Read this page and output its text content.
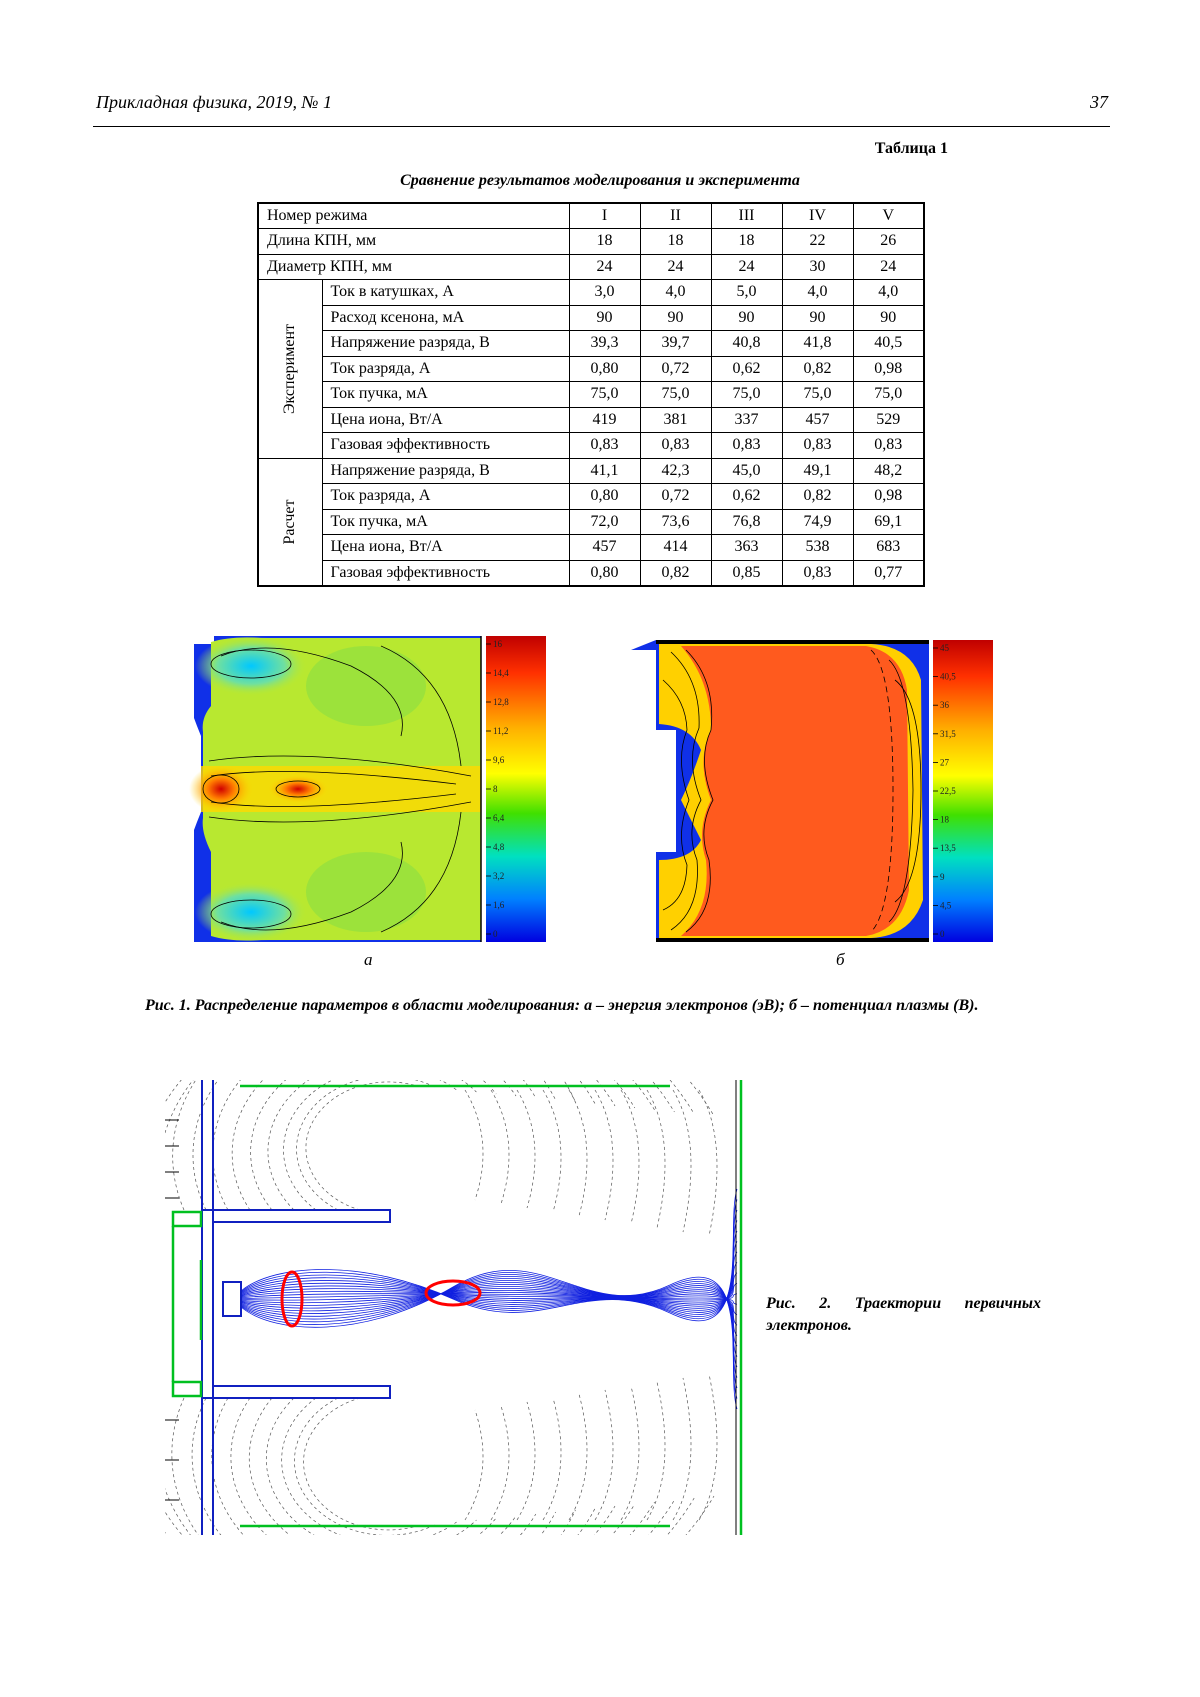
Прикладная физика, 2019, № 1	37
Таблица 1
Сравнение результатов моделирования и эксперимента
Номер режима		I	II	III	IV	V
Длина КПН, мм		18	18	18	22	26
Диаметр КПН, мм		24	24	24	30	24

Эксперимент	Ток в катушках, А	3,0	4,0	5,0	4,0	4,0
	Расход ксенона, мА	90	90	90	90	90
	Напряжение разряда, В	39,3	39,7	40,8	41,8	40,5
	Ток разряда, А	0,80	0,72	0,62	0,82	0,98
	Ток пучка, мА	75,0	75,0	75,0	75,0	75,0
	Цена иона, Вт/А	419	381	337	457	529
	Газовая эффективность	0,83	0,83	0,83	0,83	0,83

Расчет	Напряжение разряда, В	41,1	42,3	45,0	49,1	48,2
	Ток разряда, А	0,80	0,72	0,62	0,82	0,98
	Ток пучка, мА	72,0	73,6	76,8	74,9	69,1
	Цена иона, Вт/А	457	414	363	538	683
	Газовая эффективность	0,80	0,82	0,85	0,83	0,77
16
14,4
12,8
11,2
9,6
8
6,4
4,8
3,2
1,6
0
45
40,5
36
31,5
27
22,5
18
13,5
9
4,5
0
а	б
Рис. 1. Распределение параметров в области моделирования: а – энергия электронов (эВ); б – потенциал плазмы (В).
Рис. 2. Траектории первичных электронов.
